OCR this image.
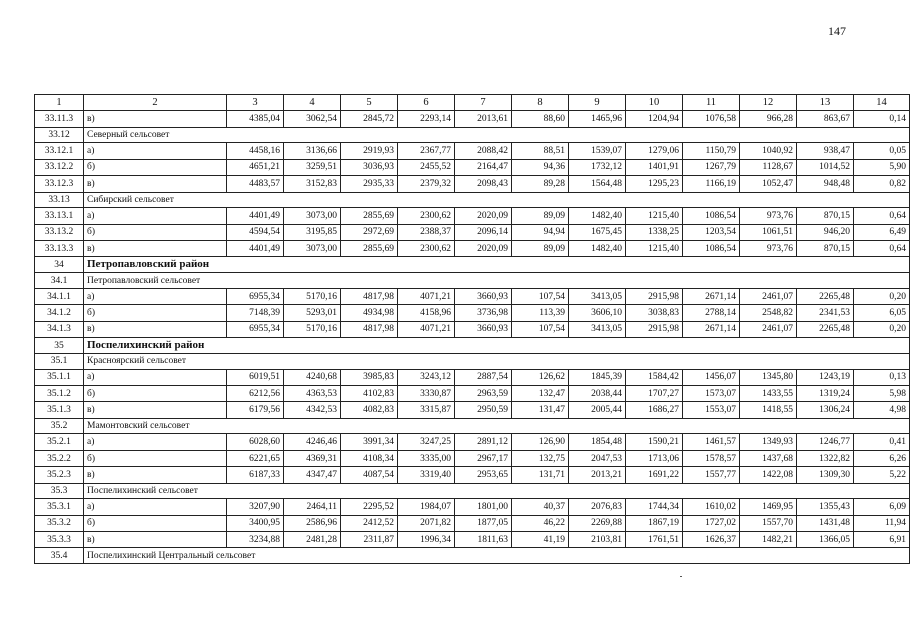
147
1	2	3	4	5	6	7	8	9	10	11	12	13	14
33.11.3	в)	4385,04	3062,54	2845,72	2293,14	2013,61	88,60	1465,96	1204,94	1076,58	966,28	863,67	0,14
33.12	Северный сельсовет												
33.12.1	а)	4458,16	3136,66	2919,93	2367,77	2088,42	88,51	1539,07	1279,06	1150,79	1040,92	938,47	0,05
33.12.2	б)	4651,21	3259,51	3036,93	2455,52	2164,47	94,36	1732,12	1401,91	1267,79	1128,67	1014,52	5,90
33.12.3	в)	4483,57	3152,83	2935,33	2379,32	2098,43	89,28	1564,48	1295,23	1166,19	1052,47	948,48	0,82
33.13	Сибирский сельсовет												
33.13.1	а)	4401,49	3073,00	2855,69	2300,62	2020,09	89,09	1482,40	1215,40	1086,54	973,76	870,15	0,64
33.13.2	б)	4594,54	3195,85	2972,69	2388,37	2096,14	94,94	1675,45	1338,25	1203,54	1061,51	946,20	6,49
33.13.3	в)	4401,49	3073,00	2855,69	2300,62	2020,09	89,09	1482,40	1215,40	1086,54	973,76	870,15	0,64
34	Петропавловский район												
34.1	Петропавловский сельсовет												
34.1.1	а)	6955,34	5170,16	4817,98	4071,21	3660,93	107,54	3413,05	2915,98	2671,14	2461,07	2265,48	0,20
34.1.2	б)	7148,39	5293,01	4934,98	4158,96	3736,98	113,39	3606,10	3038,83	2788,14	2548,82	2341,53	6,05
34.1.3	в)	6955,34	5170,16	4817,98	4071,21	3660,93	107,54	3413,05	2915,98	2671,14	2461,07	2265,48	0,20
35	Поспелихинский район												
35.1	Красноярский сельсовет												
35.1.1	а)	6019,51	4240,68	3985,83	3243,12	2887,54	126,62	1845,39	1584,42	1456,07	1345,80	1243,19	0,13
35.1.2	б)	6212,56	4363,53	4102,83	3330,87	2963,59	132,47	2038,44	1707,27	1573,07	1433,55	1319,24	5,98
35.1.3	в)	6179,56	4342,53	4082,83	3315,87	2950,59	131,47	2005,44	1686,27	1553,07	1418,55	1306,24	4,98
35.2	Мамонтовский сельсовет												
35.2.1	а)	6028,60	4246,46	3991,34	3247,25	2891,12	126,90	1854,48	1590,21	1461,57	1349,93	1246,77	0,41
35.2.2	б)	6221,65	4369,31	4108,34	3335,00	2967,17	132,75	2047,53	1713,06	1578,57	1437,68	1322,82	6,26
35.2.3	в)	6187,33	4347,47	4087,54	3319,40	2953,65	131,71	2013,21	1691,22	1557,77	1422,08	1309,30	5,22
35.3	Поспелихинский сельсовет												
35.3.1	а)	3207,90	2464,11	2295,52	1984,07	1801,00	40,37	2076,83	1744,34	1610,02	1469,95	1355,43	6,09
35.3.2	б)	3400,95	2586,96	2412,52	2071,82	1877,05	46,22	2269,88	1867,19	1727,02	1557,70	1431,48	11,94
35.3.3	в)	3234,88	2481,28	2311,87	1996,34	1811,63	41,19	2103,81	1761,51	1626,37	1482,21	1366,05	6,91
35.4	Поспелихинский Центральный сельсовет												
